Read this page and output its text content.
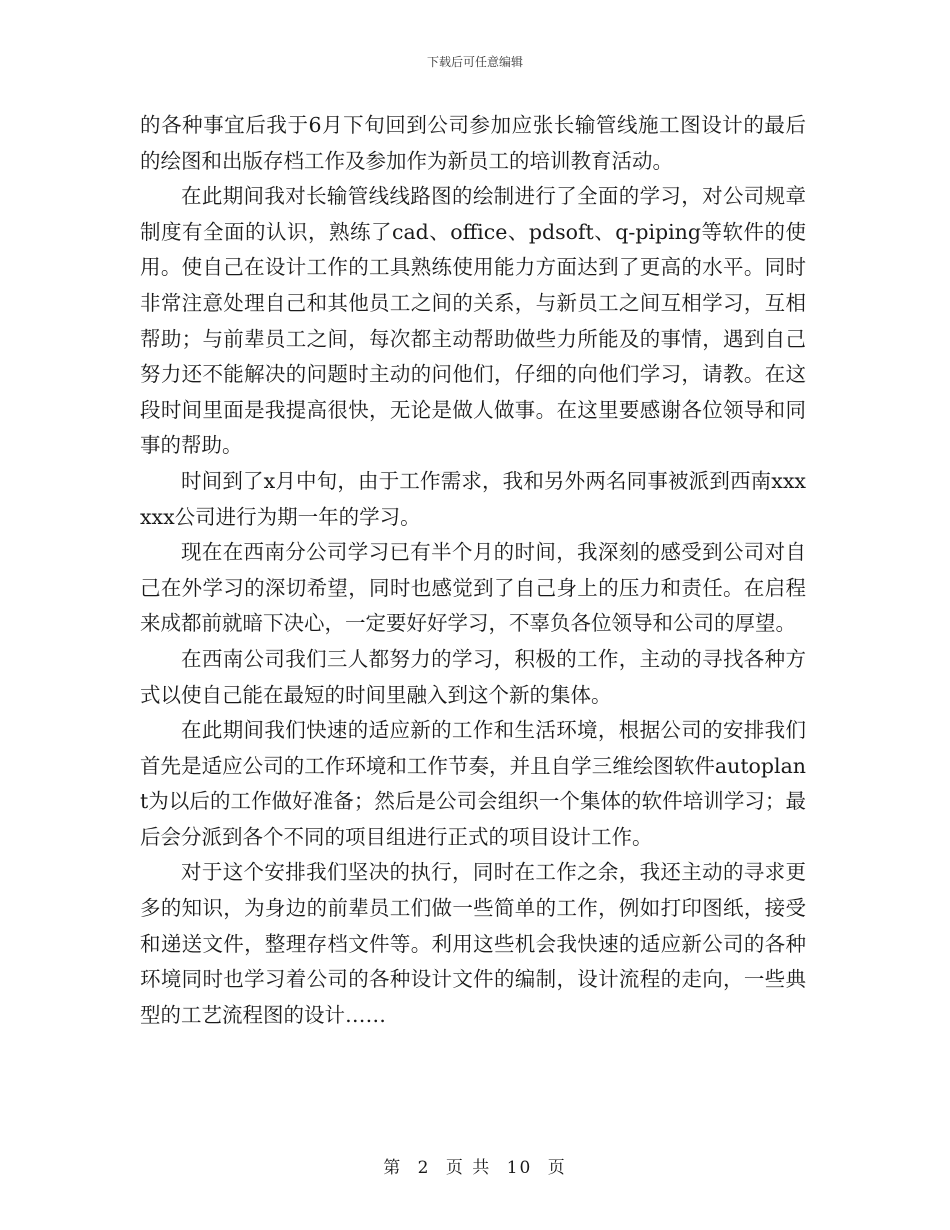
下载后可任意编辑

的各种事宜后我于6月下旬回到公司参加应张长输管线施工图设计的最后的绘图和出版存档工作及参加作为新员工的培训教育活动。

在此期间我对长输管线线路图的绘制进行了全面的学习，对公司规章制度有全面的认识，熟练了cad、office、pdsoft、q-piping等软件的使用。使自己在设计工作的工具熟练使用能力方面达到了更高的水平。同时非常注意处理自己和其他员工之间的关系，与新员工之间互相学习，互相帮助；与前辈员工之间，每次都主动帮助做些力所能及的事情，遇到自己努力还不能解决的问题时主动的问他们，仔细的向他们学习，请教。在这段时间里面是我提高很快，无论是做人做事。在这里要感谢各位领导和同事的帮助。

时间到了x月中旬，由于工作需求，我和另外两名同事被派到西南xxxxxx公司进行为期一年的学习。

现在在西南分公司学习已有半个月的时间，我深刻的感受到公司对自己在外学习的深切希望，同时也感觉到了自己身上的压力和责任。在启程来成都前就暗下决心，一定要好好学习，不辜负各位领导和公司的厚望。

在西南公司我们三人都努力的学习，积极的工作，主动的寻找各种方式以使自己能在最短的时间里融入到这个新的集体。

在此期间我们快速的适应新的工作和生活环境，根据公司的安排我们首先是适应公司的工作环境和工作节奏，并且自学三维绘图软件autoplant为以后的工作做好准备；然后是公司会组织一个集体的软件培训学习；最后会分派到各个不同的项目组进行正式的项目设计工作。

对于这个安排我们坚决的执行，同时在工作之余，我还主动的寻求更多的知识，为身边的前辈员工们做一些简单的工作，例如打印图纸，接受和递送文件，整理存档文件等。利用这些机会我快速的适应新公司的各种环境同时也学习着公司的各种设计文件的编制，设计流程的走向，一些典型的工艺流程图的设计……

第 2 页 共 10 页
